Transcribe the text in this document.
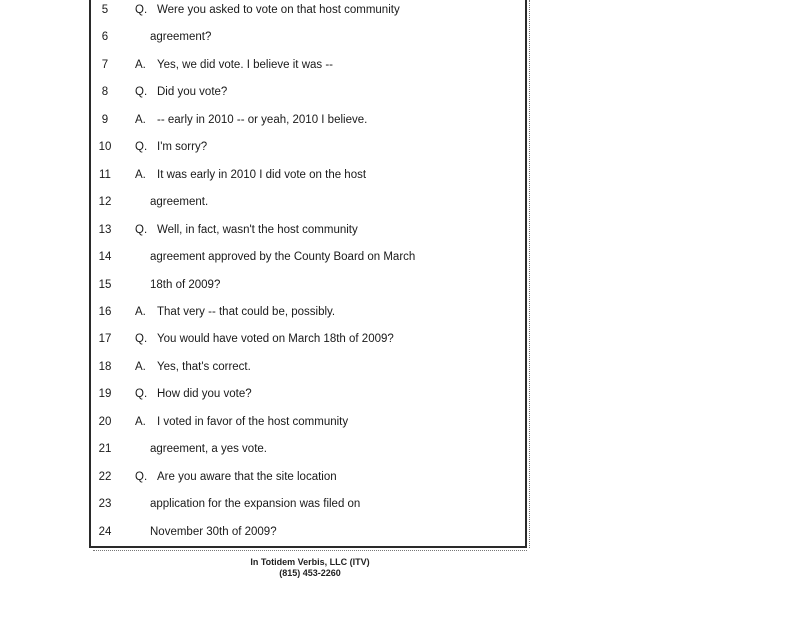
5	Q. Were you asked to vote on that host community
6	agreement?
7	A. Yes, we did vote. I believe it was --
8	Q. Did you vote?
9	A. -- early in 2010 -- or yeah, 2010 I believe.
10	Q. I'm sorry?
11	A. It was early in 2010 I did vote on the host
12	agreement.
13	Q. Well, in fact, wasn't the host community
14	agreement approved by the County Board on March
15	18th of 2009?
16	A. That very -- that could be, possibly.
17	Q. You would have voted on March 18th of 2009?
18	A. Yes, that's correct.
19	Q. How did you vote?
20	A. I voted in favor of the host community
21	agreement, a yes vote.
22	Q. Are you aware that the site location
23	application for the expansion was filed on
24	November 30th of 2009?
In Totidem Verbis, LLC (ITV)
(815) 453-2260
